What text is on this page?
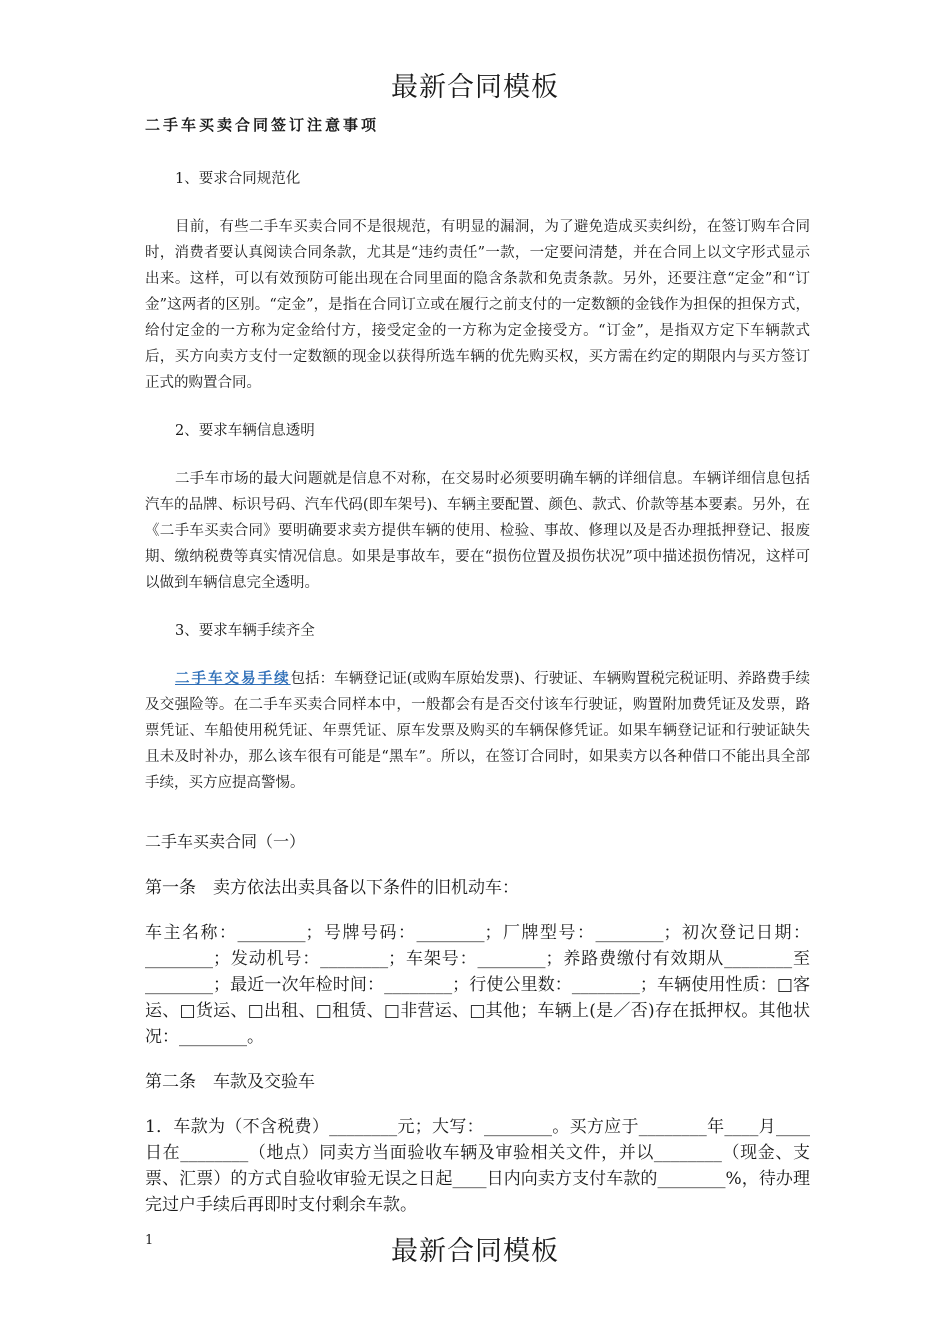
最新合同模板
二手车买卖合同签订注意事项
1、要求合同规范化
目前，有些二手车买卖合同不是很规范，有明显的漏洞，为了避免造成买卖纠纷，在签订购车合同时，消费者要认真阅读合同条款，尤其是“违约责任”一款，一定要问清楚，并在合同上以文字形式显示出来。这样，可以有效预防可能出现在合同里面的隐含条款和免责条款。另外，还要注意“定金”和“订金”这两者的区别。“定金”，是指在合同订立或在履行之前支付的一定数额的金钱作为担保的担保方式，给付定金的一方称为定金给付方，接受定金的一方称为定金接受方。“订金”，是指双方定下车辆款式后，买方向卖方支付一定数额的现金以获得所选车辆的优先购买权，买方需在约定的期限内与买方签订正式的购置合同。
2、要求车辆信息透明
二手车市场的最大问题就是信息不对称，在交易时必须要明确车辆的详细信息。车辆详细信息包括汽车的品牌、标识号码、汽车代码(即车架号)、车辆主要配置、颜色、款式、价款等基本要素。另外，在《二手车买卖合同》要明确要求卖方提供车辆的使用、检验、事故、修理以及是否办理抵押登记、报废期、缴纳税费等真实情况信息。如果是事故车，要在“损伤位置及损伤状况”项中描述损伤情况，这样可以做到车辆信息完全透明。
3、要求车辆手续齐全
二手车交易手续包括：车辆登记证(或购车原始发票)、行驶证、车辆购置税完税证明、养路费手续及交强险等。在二手车买卖合同样本中，一般都会有是否交付该车行驶证，购置附加费凭证及发票，路票凭证、车船使用税凭证、年票凭证、原车发票及购买的车辆保修凭证。如果车辆登记证和行驶证缺失且未及时补办，那么该车很有可能是“黑车”。所以，在签订合同时，如果卖方以各种借口不能出具全部手续，买方应提高警惕。
二手车买卖合同（一）
第一条　卖方依法出卖具备以下条件的旧机动车：
车主名称：________；号牌号码：________；厂牌型号：________；初次登记日期：________；发动机号：________；车架号：________；养路费缴付有效期从________至________；最近一次年检时间：________；行使公里数：________；车辆使用性质：□客运、□货运、□出租、□租赁、□非营运、□其他；车辆上(是／否)存在抵押权。其他状况：________。
第二条　车款及交验车
1．车款为（不含税费）________元；大写：________。买方应于________年____月____日在________（地点）同卖方当面验收车辆及审验相关文件，并以________（现金、支票、汇票）的方式自验收审验无误之日起____日内向卖方支付车款的________%，待办理完过户手续后再即时支付剩余车款。
1	最新合同模板
